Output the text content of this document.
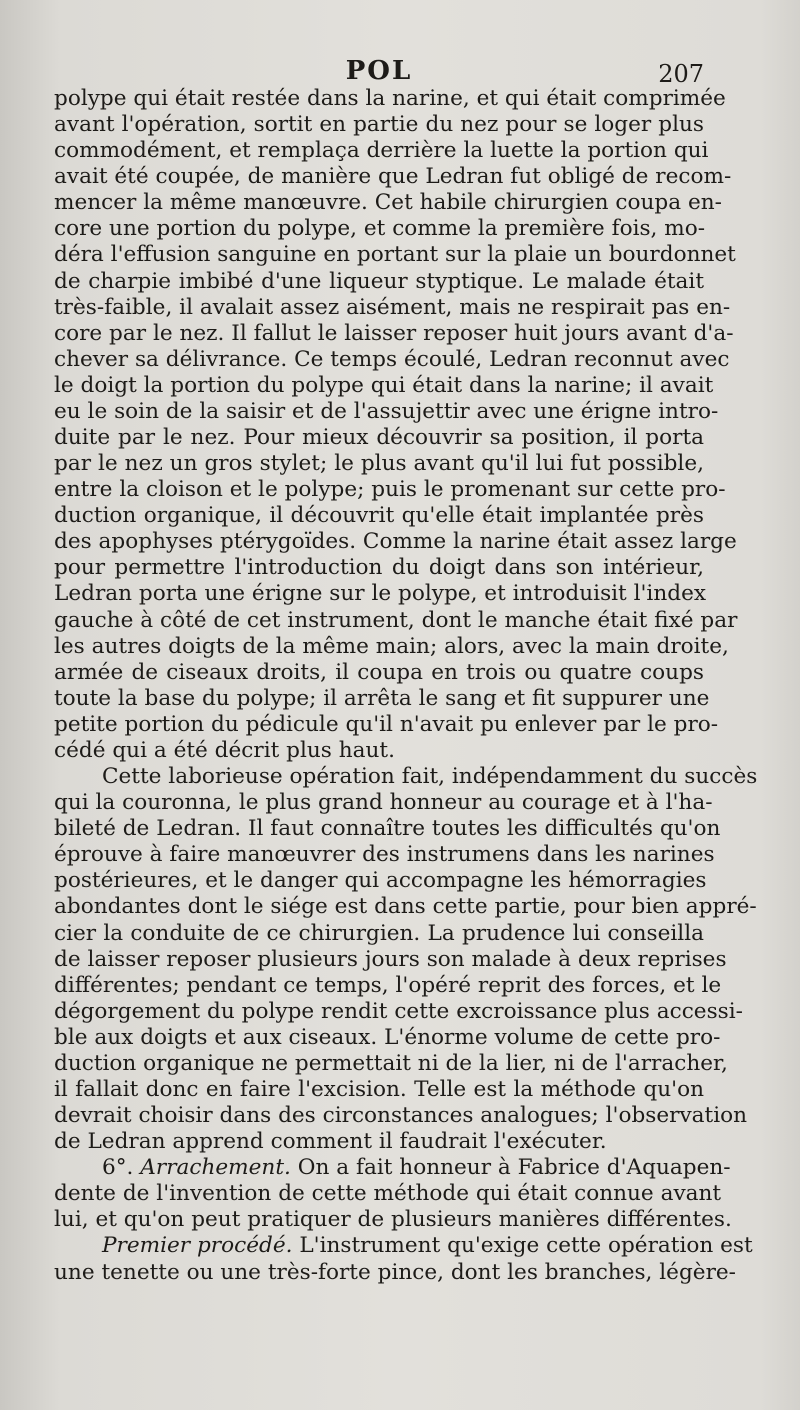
POL	207
polype qui était restée dans la narine, et qui était comprimée
avant l'opération, sortit en partie du nez pour se loger plus
commodément, et remplaça derrière la luette la portion qui
avait été coupée, de manière que Ledran fut obligé de recom-
mencer la même manœuvre. Cet habile chirurgien coupa en-
core une portion du polype, et comme la première fois, mo-
déra l'effusion sanguine en portant sur la plaie un bourdonnet
de charpie imbibé d'une liqueur styptique. Le malade était
très-faible, il avalait assez aisément, mais ne respirait pas en-
core par le nez. Il fallut le laisser reposer huit jours avant d'a-
chever sa délivrance. Ce temps écoulé, Ledran reconnut avec
le doigt la portion du polype qui était dans la narine; il avait
eu le soin de la saisir et de l'assujettir avec une érigne intro-
duite par le nez. Pour mieux découvrir sa position, il porta
par le nez un gros stylet; le plus avant qu'il lui fut possible,
entre la cloison et le polype; puis le promenant sur cette pro-
duction organique, il découvrit qu'elle était implantée près
des apophyses ptérygoïdes. Comme la narine était assez large
pour permettre l'introduction du doigt dans son intérieur,
Ledran porta une érigne sur le polype, et introduisit l'index
gauche à côté de cet instrument, dont le manche était fixé par
les autres doigts de la même main; alors, avec la main droite,
armée de ciseaux droits, il coupa en trois ou quatre coups
toute la base du polype; il arrêta le sang et fit suppurer une
petite portion du pédicule qu'il n'avait pu enlever par le pro-
cédé qui a été décrit plus haut.
Cette laborieuse opération fait, indépendamment du succès
qui la couronna, le plus grand honneur au courage et à l'ha-
bileté de Ledran. Il faut connaître toutes les difficultés qu'on
éprouve à faire manœuvrer des instrumens dans les narines
postérieures, et le danger qui accompagne les hémorragies
abondantes dont le siége est dans cette partie, pour bien appré-
cier la conduite de ce chirurgien. La prudence lui conseilla
de laisser reposer plusieurs jours son malade à deux reprises
différentes; pendant ce temps, l'opéré reprit des forces, et le
dégorgement du polype rendit cette excroissance plus accessi-
ble aux doigts et aux ciseaux. L'énorme volume de cette pro-
duction organique ne permettait ni de la lier, ni de l'arracher,
il fallait donc en faire l'excision. Telle est la méthode qu'on
devrait choisir dans des circonstances analogues; l'observation
de Ledran apprend comment il faudrait l'exécuter.
6°. Arrachement. On a fait honneur à Fabrice d'Aquapen-
dente de l'invention de cette méthode qui était connue avant
lui, et qu'on peut pratiquer de plusieurs manières différentes.
Premier procédé. L'instrument qu'exige cette opération est
une tenette ou une très-forte pince, dont les branches, légère-
